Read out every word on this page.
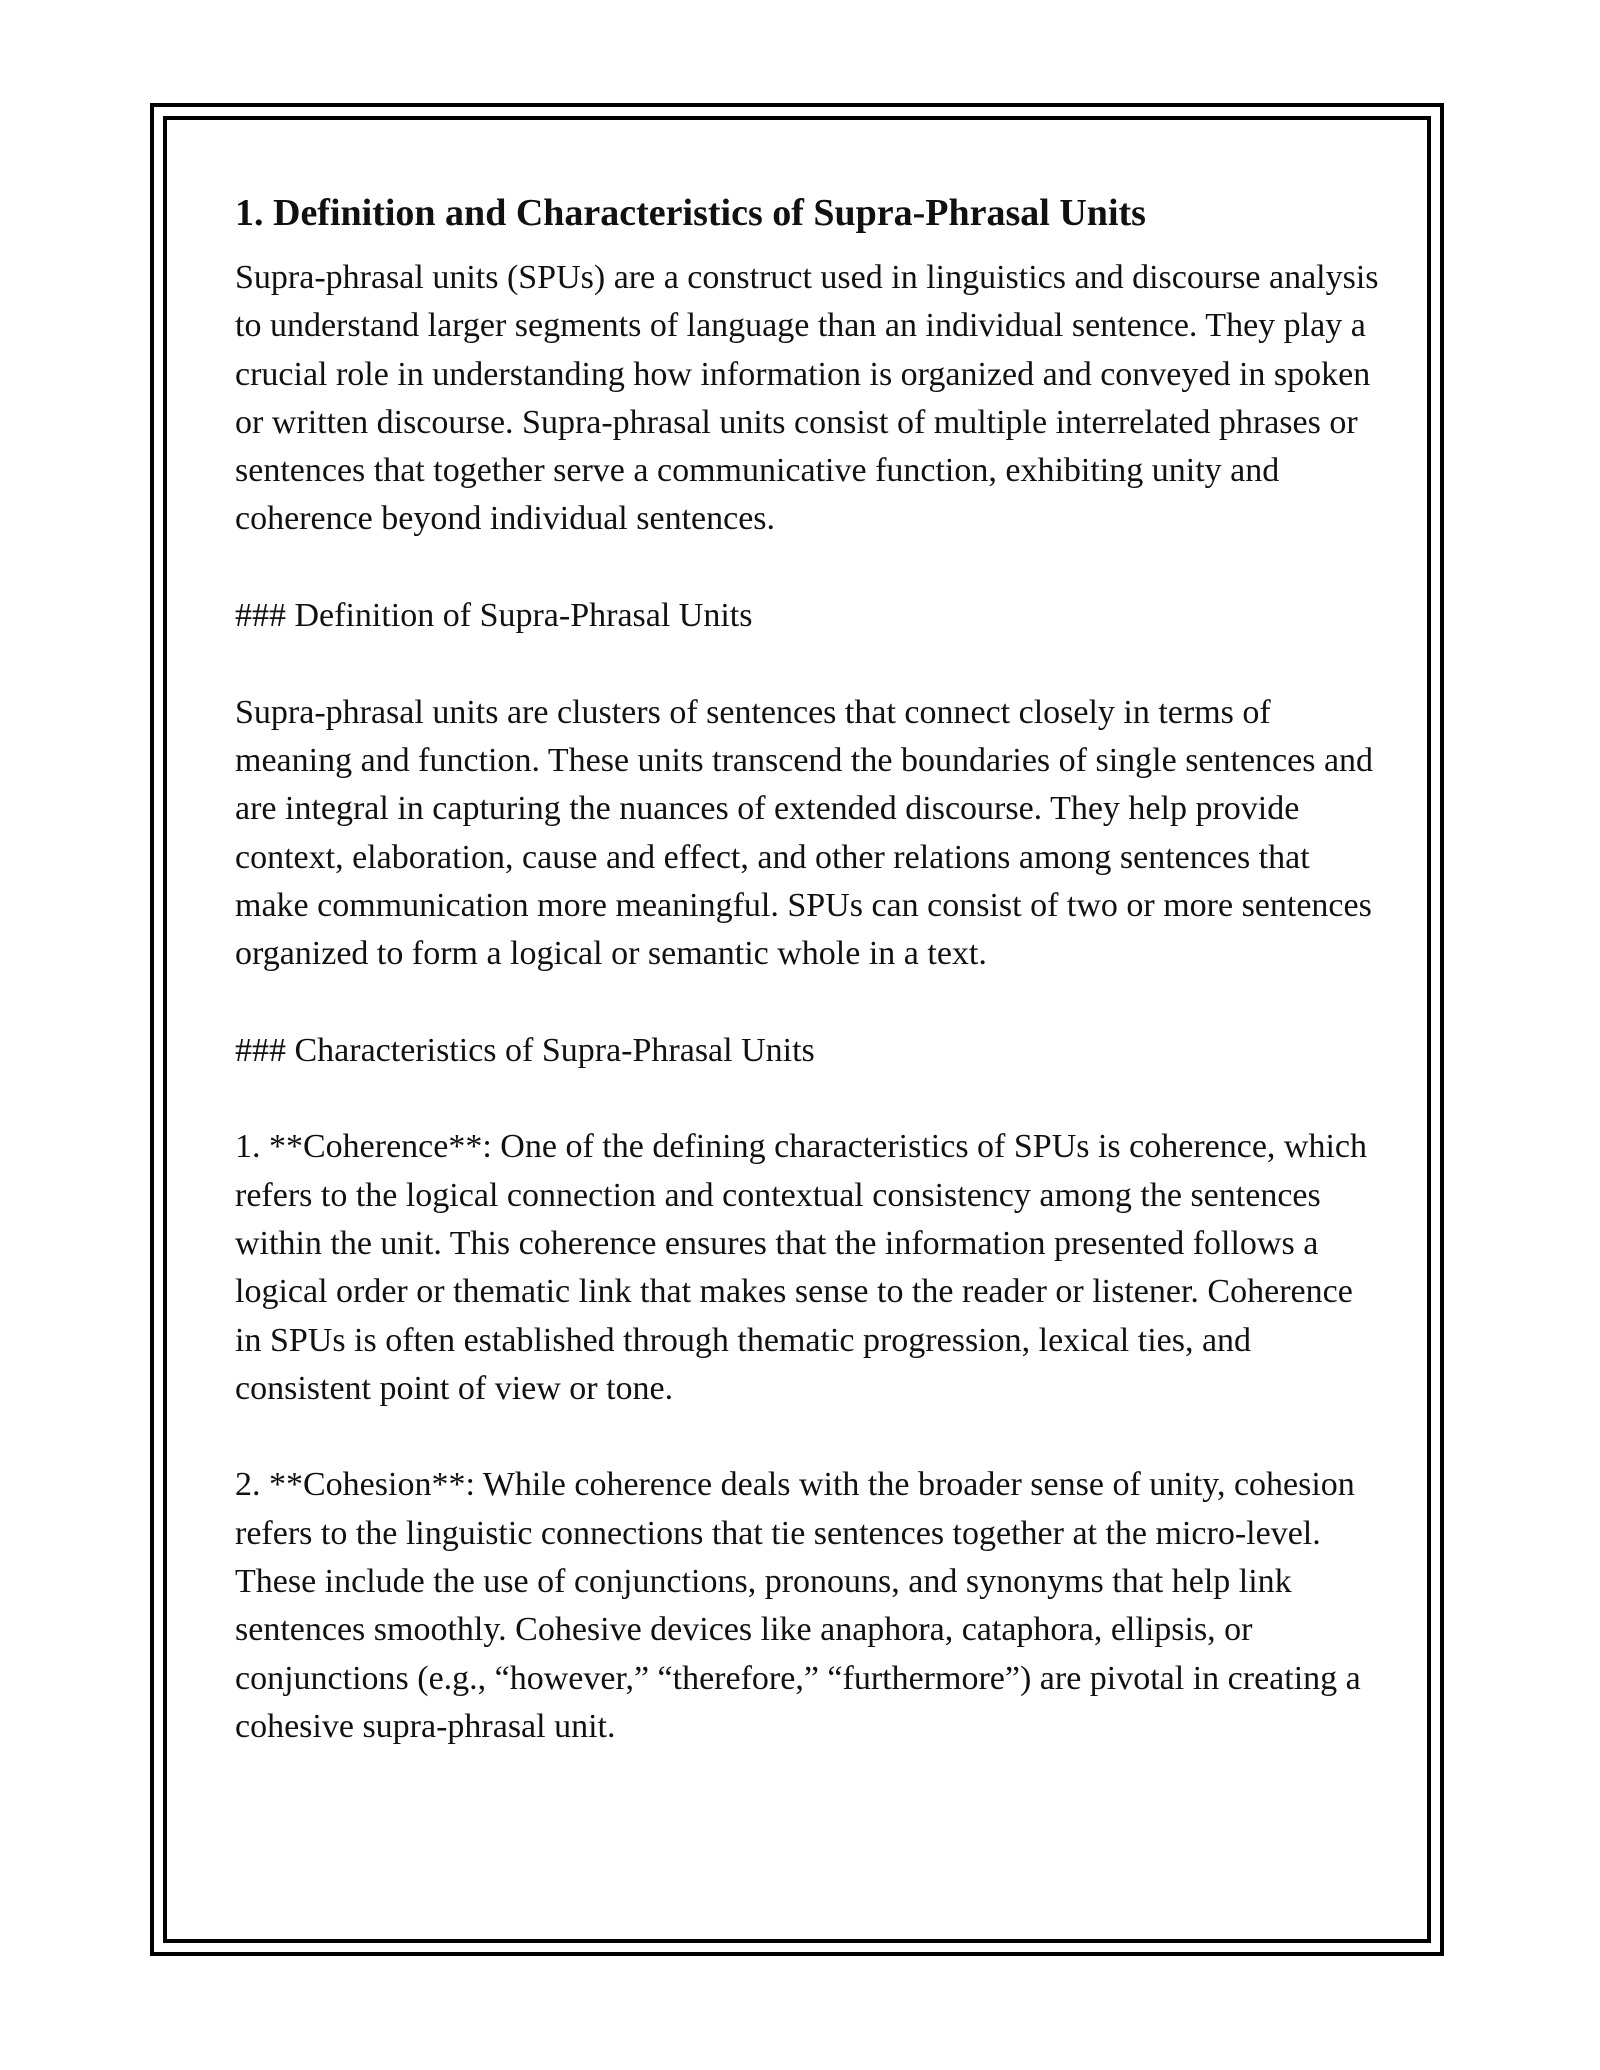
1. Definition and Characteristics of Supra-Phrasal Units

Supra-phrasal units (SPUs) are a construct used in linguistics and discourse analysis to understand larger segments of language than an individual sentence. They play a crucial role in understanding how information is organized and conveyed in spoken or written discourse. Supra-phrasal units consist of multiple interrelated phrases or sentences that together serve a communicative function, exhibiting unity and coherence beyond individual sentences.

### Definition of Supra-Phrasal Units

Supra-phrasal units are clusters of sentences that connect closely in terms of meaning and function. These units transcend the boundaries of single sentences and are integral in capturing the nuances of extended discourse. They help provide context, elaboration, cause and effect, and other relations among sentences that make communication more meaningful. SPUs can consist of two or more sentences organized to form a logical or semantic whole in a text.

### Characteristics of Supra-Phrasal Units

1. **Coherence**: One of the defining characteristics of SPUs is coherence, which refers to the logical connection and contextual consistency among the sentences within the unit. This coherence ensures that the information presented follows a logical order or thematic link that makes sense to the reader or listener. Coherence in SPUs is often established through thematic progression, lexical ties, and consistent point of view or tone.

2. **Cohesion**: While coherence deals with the broader sense of unity, cohesion refers to the linguistic connections that tie sentences together at the micro-level. These include the use of conjunctions, pronouns, and synonyms that help link sentences smoothly. Cohesive devices like anaphora, cataphora, ellipsis, or conjunctions (e.g., “however,” “therefore,” “furthermore”) are pivotal in creating a cohesive supra-phrasal unit.
